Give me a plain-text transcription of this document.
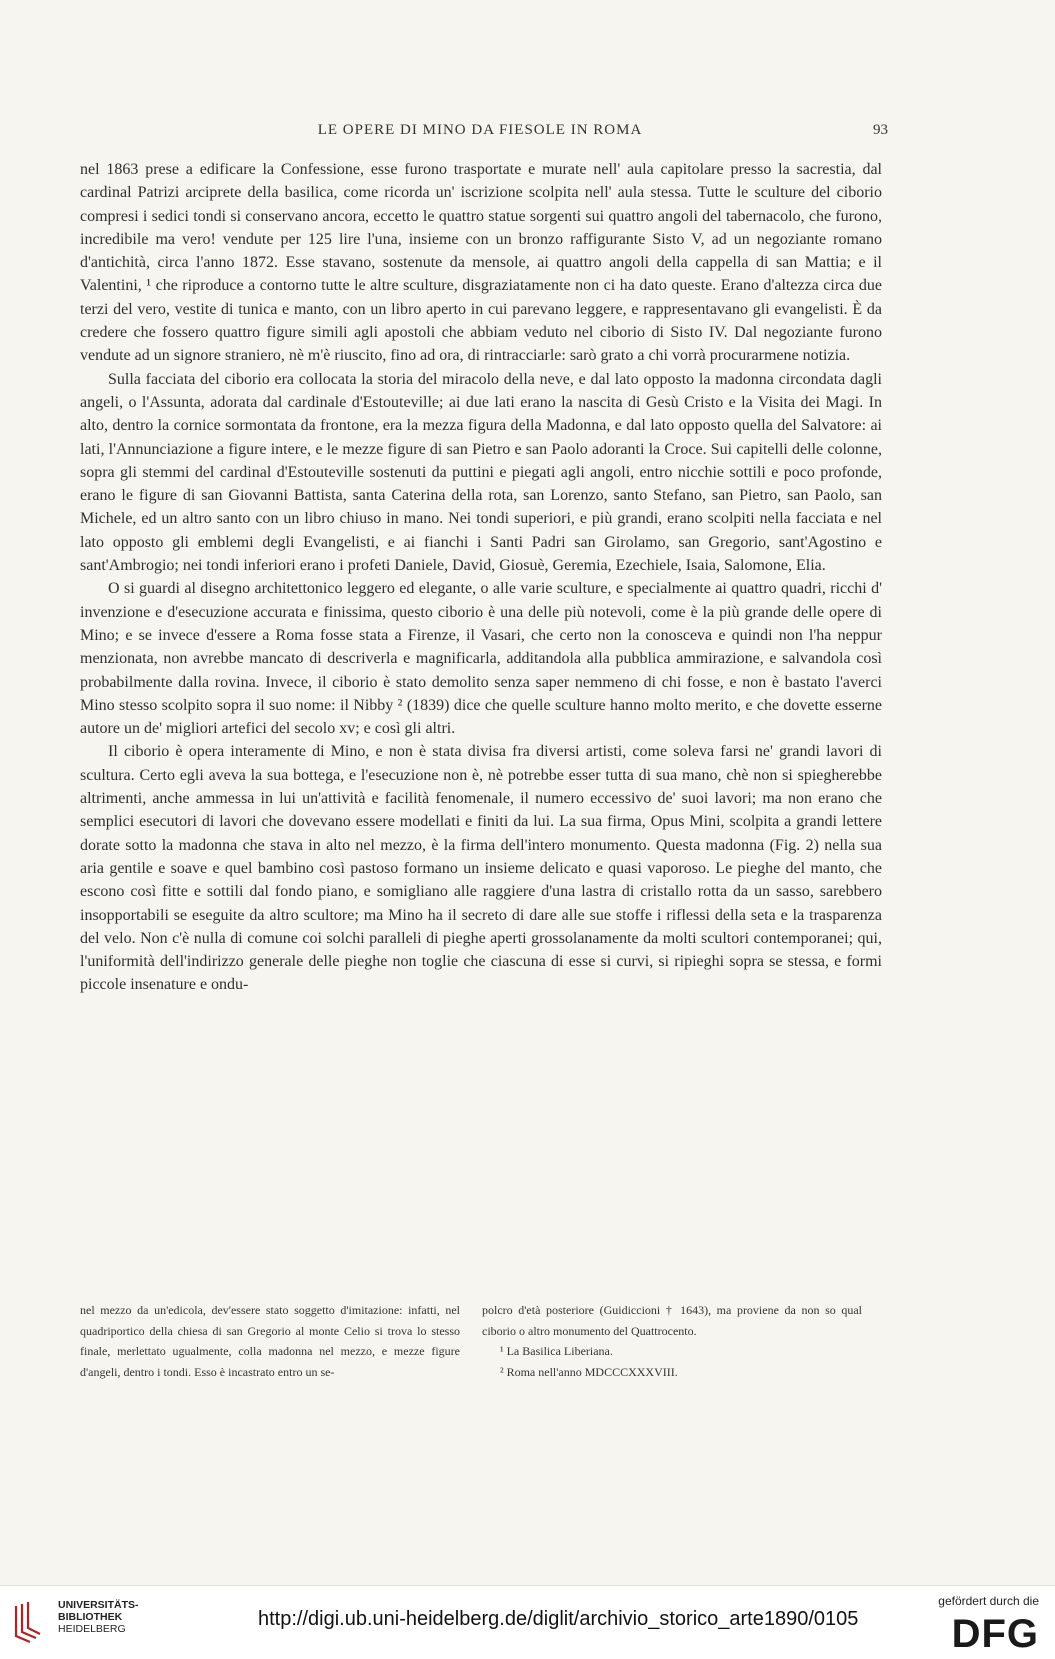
LE OPERE DI MINO DA FIESOLE IN ROMA	93

nel 1863 prese a edificare la Confessione, esse furono trasportate e murate nell' aula capitolare presso la sacrestia, dal cardinal Patrizi arciprete della basilica, come ricorda un' iscrizione scolpita nell' aula stessa. Tutte le sculture del ciborio compresi i sedici tondi si conservano ancora, eccetto le quattro statue sorgenti sui quattro angoli del tabernacolo, che furono, incredibile ma vero! vendute per 125 lire l'una, insieme con un bronzo raffigurante Sisto V, ad un negoziante romano d'antichità, circa l'anno 1872. Esse stavano, sostenute da mensole, ai quattro angoli della cappella di san Mattia; e il Valentini, ¹ che riproduce a contorno tutte le altre sculture, disgraziatamente non ci ha dato queste. Erano d'altezza circa due terzi del vero, vestite di tunica e manto, con un libro aperto in cui parevano leggere, e rappresentavano gli evangelisti. È da credere che fossero quattro figure simili agli apostoli che abbiam veduto nel ciborio di Sisto IV. Dal negoziante furono vendute ad un signore straniero, nè m'è riuscito, fino ad ora, di rintracciarle: sarò grato a chi vorrà procurarmene notizia.

Sulla facciata del ciborio era collocata la storia del miracolo della neve, e dal lato opposto la madonna circondata dagli angeli, o l'Assunta, adorata dal cardinale d'Estouteville; ai due lati erano la nascita di Gesù Cristo e la Visita dei Magi. In alto, dentro la cornice sormontata da frontone, era la mezza figura della Madonna, e dal lato opposto quella del Salvatore: ai lati, l'Annunciazione a figure intere, e le mezze figure di san Pietro e san Paolo adoranti la Croce. Sui capitelli delle colonne, sopra gli stemmi del cardinal d'Estouteville sostenuti da puttini e piegati agli angoli, entro nicchie sottili e poco profonde, erano le figure di san Giovanni Battista, santa Caterina della rota, san Lorenzo, santo Stefano, san Pietro, san Paolo, san Michele, ed un altro santo con un libro chiuso in mano. Nei tondi superiori, e più grandi, erano scolpiti nella facciata e nel lato opposto gli emblemi degli Evangelisti, e ai fianchi i Santi Padri san Girolamo, san Gregorio, sant'Agostino e sant'Ambrogio; nei tondi inferiori erano i profeti Daniele, David, Giosuè, Geremia, Ezechiele, Isaia, Salomone, Elia.

O si guardi al disegno architettonico leggero ed elegante, o alle varie sculture, e specialmente ai quattro quadri, ricchi d' invenzione e d'esecuzione accurata e finissima, questo ciborio è una delle più notevoli, come è la più grande delle opere di Mino; e se invece d'essere a Roma fosse stata a Firenze, il Vasari, che certo non la conosceva e quindi non l'ha neppur menzionata, non avrebbe mancato di descriverla e magnificarla, additandola alla pubblica ammirazione, e salvandola così probabilmente dalla rovina. Invece, il ciborio è stato demolito senza saper nemmeno di chi fosse, e non è bastato l'averci Mino stesso scolpito sopra il suo nome: il Nibby ² (1839) dice che quelle sculture hanno molto merito, e che dovette esserne autore un de' migliori artefici del secolo xv; e così gli altri.

Il ciborio è opera interamente di Mino, e non è stata divisa fra diversi artisti, come soleva farsi ne' grandi lavori di scultura. Certo egli aveva la sua bottega, e l'esecuzione non è, nè potrebbe esser tutta di sua mano, chè non si spiegherebbe altrimenti, anche ammessa in lui un'attività e facilità fenomenale, il numero eccessivo de' suoi lavori; ma non erano che semplici esecutori di lavori che dovevano essere modellati e finiti da lui. La sua firma, Opus Mini, scolpita a grandi lettere dorate sotto la madonna che stava in alto nel mezzo, è la firma dell'intero monumento. Questa madonna (Fig. 2) nella sua aria gentile e soave e quel bambino così pastoso formano un insieme delicato e quasi vaporoso. Le pieghe del manto, che escono così fitte e sottili dal fondo piano, e somigliano alle raggiere d'una lastra di cristallo rotta da un sasso, sarebbero insopportabili se eseguite da altro scultore; ma Mino ha il secreto di dare alle sue stoffe i riflessi della seta e la trasparenza del velo. Non c'è nulla di comune coi solchi paralleli di pieghe aperti grossolanamente da molti scultori contemporanei; qui, l'uniformità dell'indirizzo generale delle pieghe non toglie che ciascuna di esse si curvi, si ripieghi sopra se stessa, e formi piccole insenature e ondu-

nel mezzo da un'edicola, dev'essere stato soggetto d'imitazione: infatti, nel quadriportico della chiesa di san Gregorio al monte Celio si trova lo stesso finale, merlettato ugualmente, colla madonna nel mezzo, e mezze figure d'angeli, dentro i tondi. Esso è incastrato entro un se-

polcro d'età posteriore (Guidiccioni † 1643), ma proviene da non so qual ciborio o altro monumento del Quattrocento.

¹ La Basilica Liberiana.

² Roma nell'anno MDCCCXXXVIII.

UNIVERSITÄTS-
BIBLIOTHEK
HEIDELBERG	http://digi.ub.uni-heidelberg.de/diglit/archivio_storico_arte1890/0105
gefördert durch die
DFG
